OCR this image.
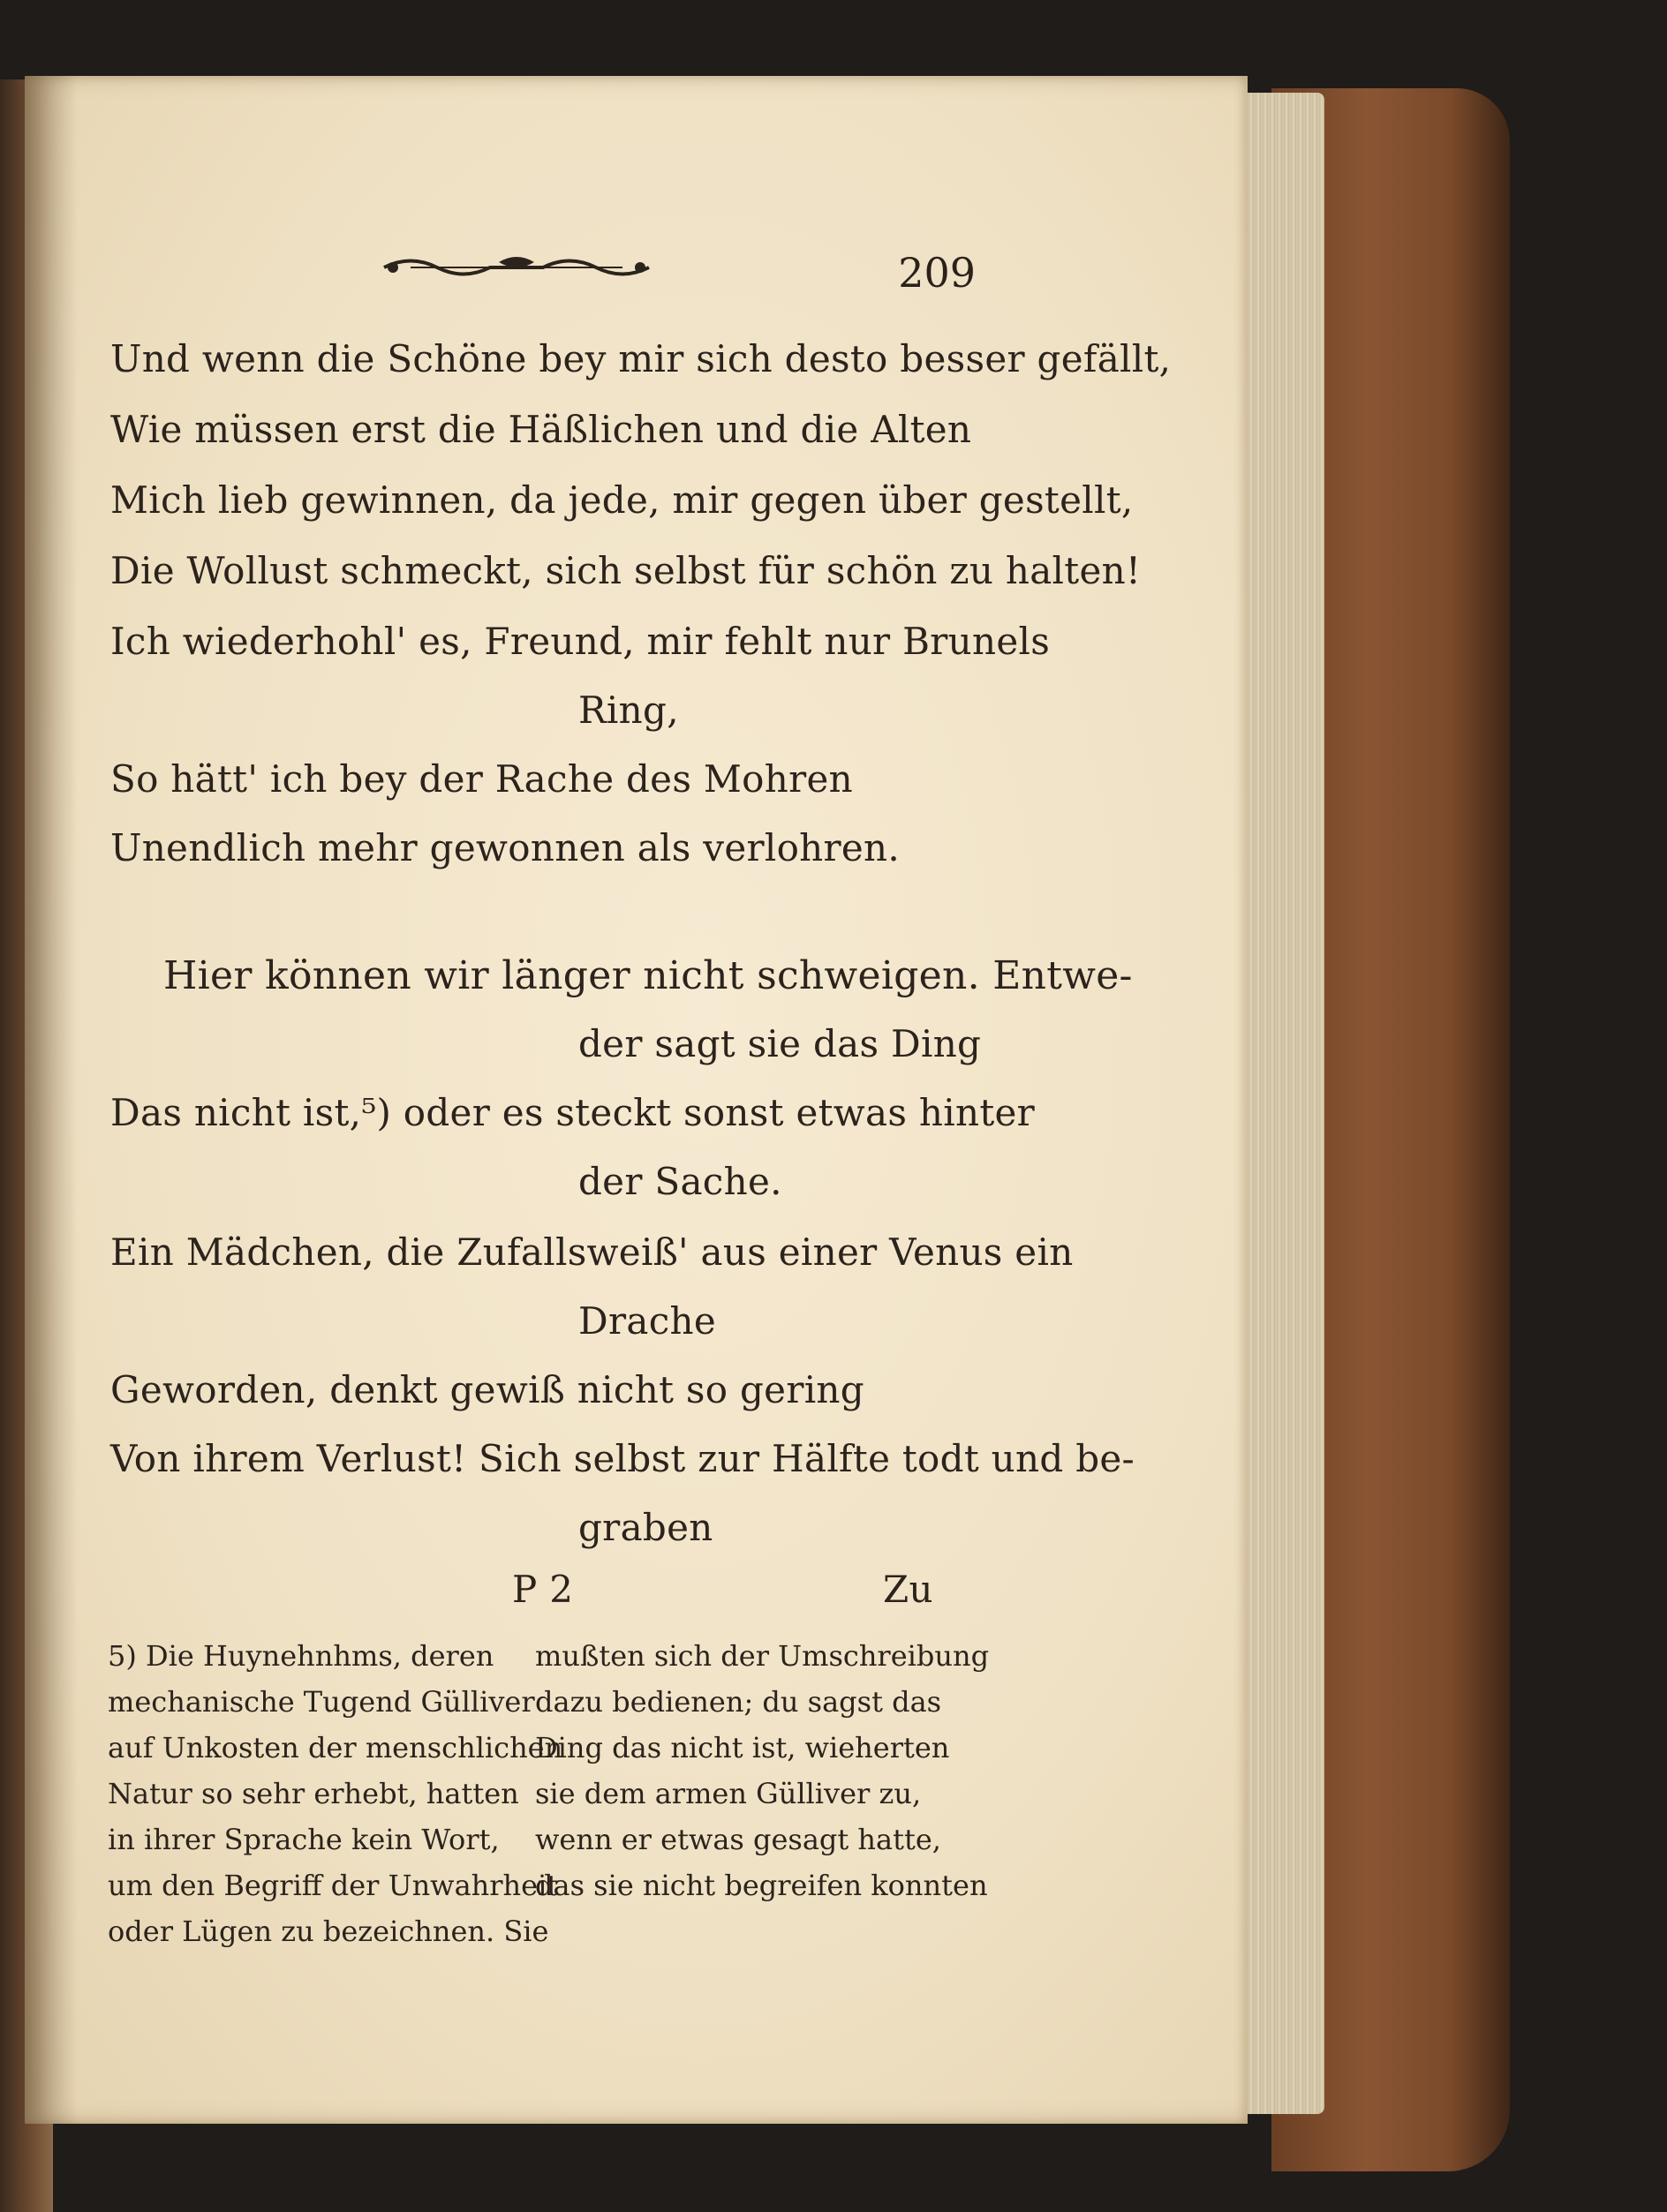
209
Und wenn die Schöne bey mir sich desto besser gefällt,
Wie müssen erst die Häßlichen und die Alten
Mich lieb gewinnen, da jede, mir gegen über gestellt,
Die Wollust schmeckt, sich selbst für schön zu halten!
Ich wiederhohl' es, Freund, mir fehlt nur Brunels
Ring,
So hätt' ich bey der Rache des Mohren
Unendlich mehr gewonnen als verlohren.
Hier können wir länger nicht schweigen. Entwe-
der sagt sie das Ding
Das nicht ist,⁵) oder es steckt sonst etwas hinter
der Sache.
Ein Mädchen, die Zufallsweiß' aus einer Venus ein
Drache
Geworden, denkt gewiß nicht so gering
Von ihrem Verlust! Sich selbst zur Hälfte todt und be-
graben
P 2	Zu
5) Die Huynehnhms, deren
mechanische Tugend Gülliver
auf Unkosten der menschlichen
Natur so sehr erhebt, hatten
in ihrer Sprache kein Wort,
um den Begriff der Unwahrheit
oder Lügen zu bezeichnen. Sie
mußten sich der Umschreibung
dazu bedienen; du sagst das
Ding das nicht ist, wieherten
sie dem armen Gülliver zu,
wenn er etwas gesagt hatte,
das sie nicht begreifen konnten
